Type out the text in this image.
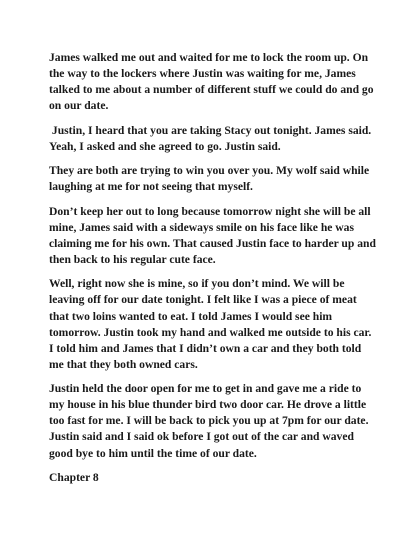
James walked me out and waited for me to lock the room up. On the way to the lockers where Justin was waiting for me, James talked to me about a number of different stuff we could do and go on our date.

Justin, I heard that you are taking Stacy out tonight. James said. Yeah, I asked and she agreed to go. Justin said.

They are both are trying to win you over you. My wolf said while laughing at me for not seeing that myself.

Don’t keep her out to long because tomorrow night she will be all mine, James said with a sideways smile on his face like he was claiming me for his own. That caused Justin face to harder up and then back to his regular cute face.

Well, right now she is mine, so if you don’t mind. We will be leaving off for our date tonight. I felt like I was a piece of meat that two loins wanted to eat. I told James I would see him tomorrow. Justin took my hand and walked me outside to his car. I told him and James that I didn’t own a car and they both told me that they both owned cars.

Justin held the door open for me to get in and gave me a ride to my house in his blue thunder bird two door car. He drove a little too fast for me. I will be back to pick you up at 7pm for our date. Justin said and I said ok before I got out of the car and waved good bye to him until the time of our date.

Chapter 8
